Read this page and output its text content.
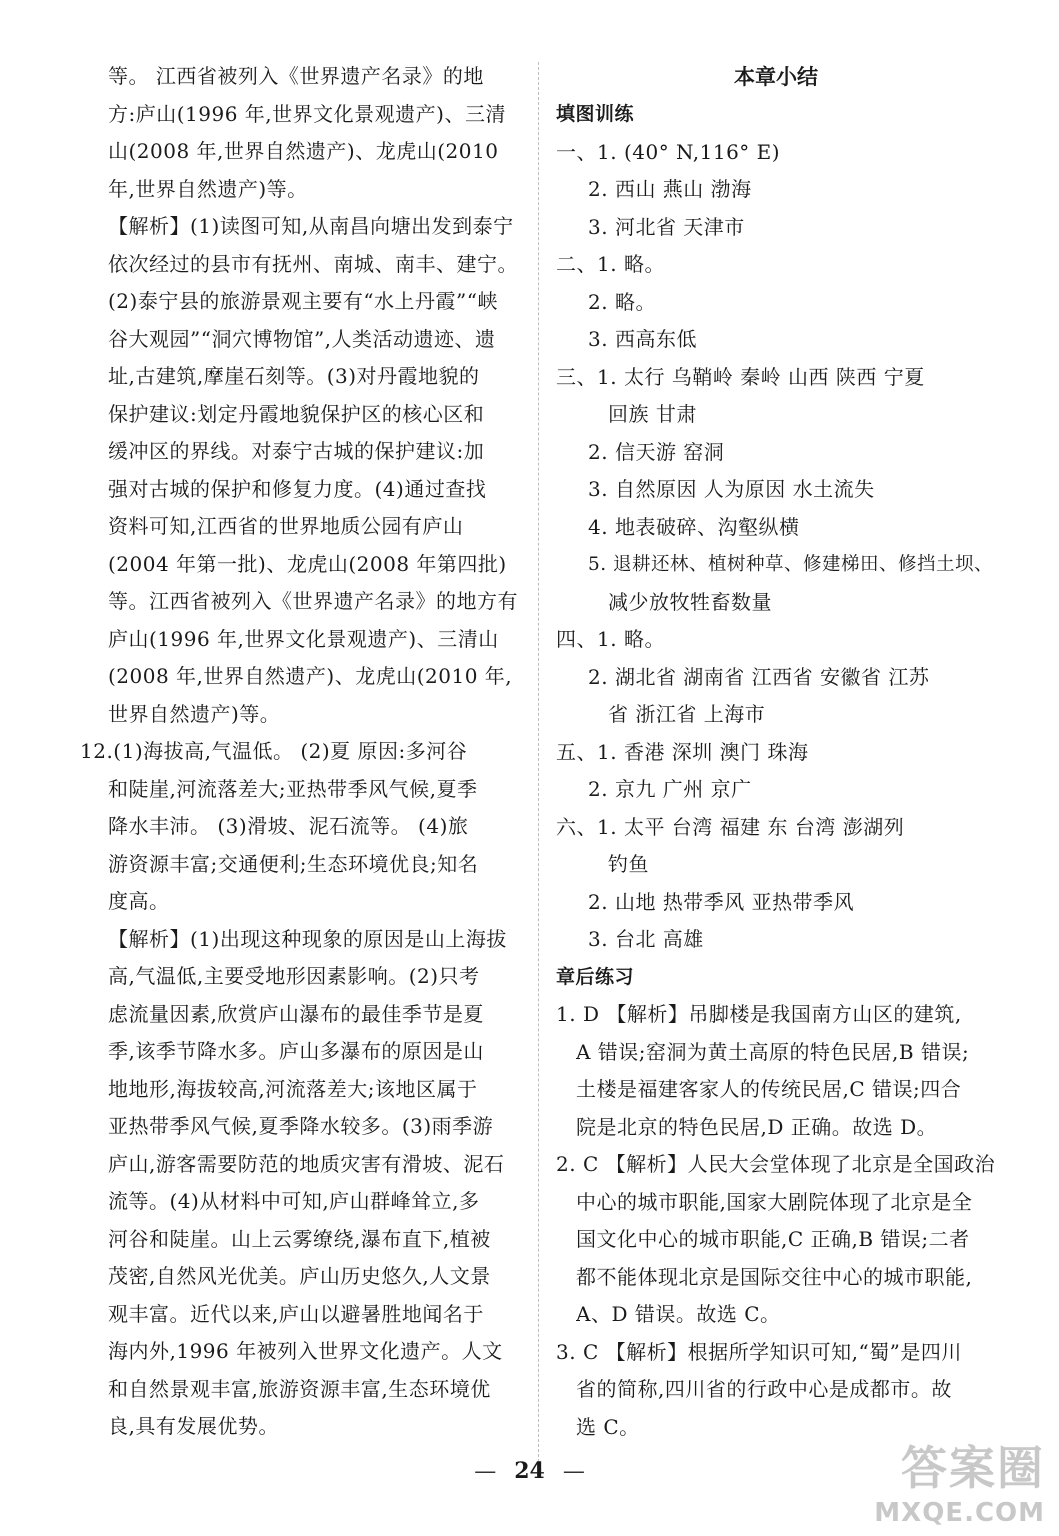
等。 江西省被列入《世界遗产名录》的地
方:庐山(1996 年,世界文化景观遗产)、三清
山(2008 年,世界自然遗产)、龙虎山(2010
年,世界自然遗产)等。
【解析】(1)读图可知,从南昌向塘出发到泰宁
依次经过的县市有抚州、南城、南丰、建宁。
(2)泰宁县的旅游景观主要有“水上丹霞”“峡
谷大观园”“洞穴博物馆”,人类活动遗迹、遗
址,古建筑,摩崖石刻等。(3)对丹霞地貌的
保护建议:划定丹霞地貌保护区的核心区和
缓冲区的界线。对泰宁古城的保护建议:加
强对古城的保护和修复力度。(4)通过查找
资料可知,江西省的世界地质公园有庐山
(2004 年第一批)、龙虎山(2008 年第四批)
等。江西省被列入《世界遗产名录》的地方有
庐山(1996 年,世界文化景观遗产)、三清山
(2008 年,世界自然遗产)、龙虎山(2010 年,
世界自然遗产)等。
12.(1)海拔高,气温低。 (2)夏 原因:多河谷
和陡崖,河流落差大;亚热带季风气候,夏季
降水丰沛。 (3)滑坡、泥石流等。 (4)旅
游资源丰富;交通便利;生态环境优良;知名
度高。
【解析】(1)出现这种现象的原因是山上海拔
高,气温低,主要受地形因素影响。(2)只考
虑流量因素,欣赏庐山瀑布的最佳季节是夏
季,该季节降水多。庐山多瀑布的原因是山
地地形,海拔较高,河流落差大;该地区属于
亚热带季风气候,夏季降水较多。(3)雨季游
庐山,游客需要防范的地质灾害有滑坡、泥石
流等。(4)从材料中可知,庐山群峰耸立,多
河谷和陡崖。山上云雾缭绕,瀑布直下,植被
茂密,自然风光优美。庐山历史悠久,人文景
观丰富。近代以来,庐山以避暑胜地闻名于
海内外,1996 年被列入世界文化遗产。人文
和自然景观丰富,旅游资源丰富,生态环境优
良,具有发展优势。
本章小结
填图训练
一、1. (40° N,116° E)
2. 西山 燕山 渤海
3. 河北省 天津市
二、1. 略。
2. 略。
3. 西高东低
三、1. 太行 乌鞘岭 秦岭 山西 陕西 宁夏
回族 甘肃
2. 信天游 窑洞
3. 自然原因 人为原因 水土流失
4. 地表破碎、沟壑纵横
5. 退耕还林、植树种草、修建梯田、修挡土坝、
减少放牧牲畜数量
四、1. 略。
2. 湖北省 湖南省 江西省 安徽省 江苏
省 浙江省 上海市
五、1. 香港 深圳 澳门 珠海
2. 京九 广州 京广
六、1. 太平 台湾 福建 东 台湾 澎湖列
钓鱼
2. 山地 热带季风 亚热带季风
3. 台北 高雄
章后练习
1. D 【解析】吊脚楼是我国南方山区的建筑,
A 错误;窑洞为黄土高原的特色民居,B 错误;
土楼是福建客家人的传统民居,C 错误;四合
院是北京的特色民居,D 正确。故选 D。
2. C 【解析】人民大会堂体现了北京是全国政治
中心的城市职能,国家大剧院体现了北京是全
国文化中心的城市职能,C 正确,B 错误;二者
都不能体现北京是国际交往中心的城市职能,
A、D 错误。故选 C。
3. C 【解析】根据所学知识可知,“蜀”是四川
省的简称,四川省的行政中心是成都市。故
选 C。
— 24 —	答案圈
MXQE.COM
